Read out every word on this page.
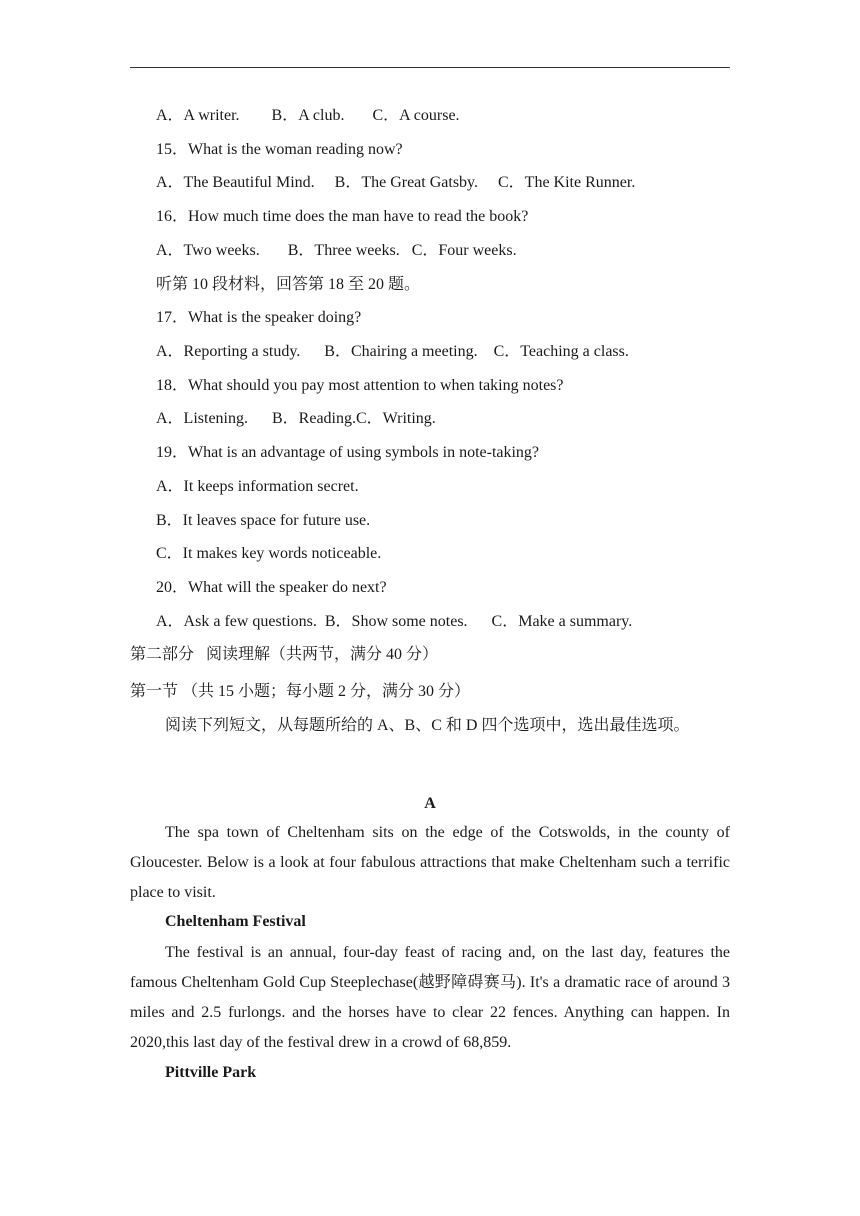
A．A writer.        B．A club.       C．A course.
15．What is the woman reading now?
A．The Beautiful Mind.     B．The Great Gatsby.     C．The Kite Runner.
16．How much time does the man have to read the book?
A．Two weeks.       B．Three weeks.   C．Four weeks.
听第 10 段材料，回答第 18 至 20 题。
17．What is the speaker doing?
A．Reporting a study.      B．Chairing a meeting.    C．Teaching a class.
18．What should you pay most attention to when taking notes?
A．Listening.      B．Reading.C．Writing.
19．What is an advantage of using symbols in note-taking?
A．It keeps information secret.
B．It leaves space for future use.
C．It makes key words noticeable.
20．What will the speaker do next?
A．Ask a few questions.  B．Show some notes.      C．Make a summary.
第二部分   阅读理解（共两节，满分 40 分）
第一节 （共 15 小题；每小题 2 分，满分 30 分）
阅读下列短文，从每题所给的 A、B、C 和 D 四个选项中，选出最佳选项。
A
The spa town of Cheltenham sits on the edge of the Cotswolds, in the county of Gloucester. Below is a look at four fabulous attractions that make Cheltenham such a terrific place to visit.
Cheltenham Festival
The festival is an annual, four-day feast of racing and, on the last day, features the famous Cheltenham Gold Cup Steeplechase(越野障碍赛马). It's a dramatic race of around 3 miles and 2.5 furlongs. and the horses have to clear 22 fences. Anything can happen. In 2020,this last day of the festival drew in a crowd of 68,859.
Pittville Park
